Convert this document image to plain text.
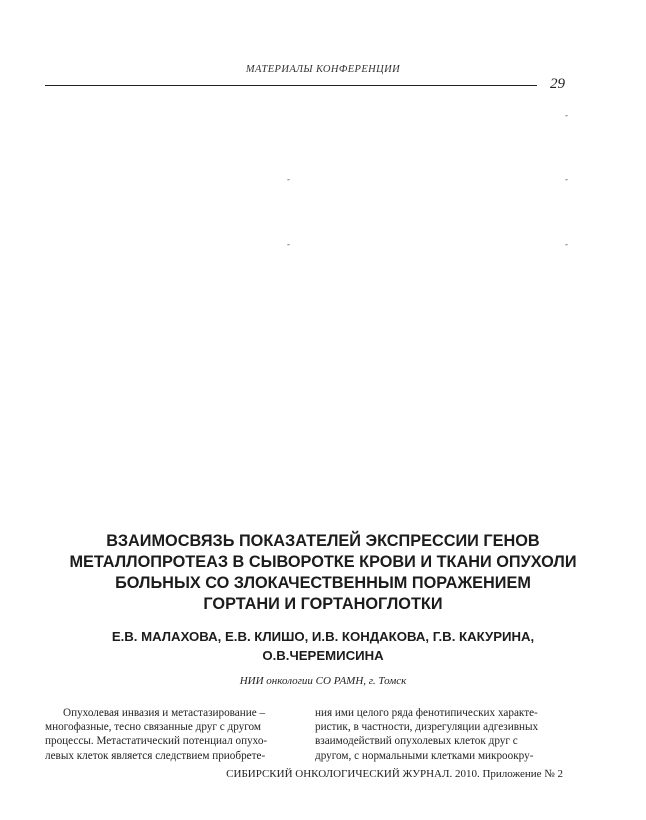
МАТЕРИАЛЫ КОНФЕРЕНЦИИ
29
-
-	-
-	-
ВЗАИМОСВЯЗЬ ПОКАЗАТЕЛЕЙ ЭКСПРЕССИИ ГЕНОВ
МЕТАЛЛОПРОТЕАЗ В СЫВОРОТКЕ КРОВИ И ТКАНИ ОПУХОЛИ
БОЛЬНЫХ СО ЗЛОКАЧЕСТВЕННЫМ ПОРАЖЕНИЕМ
ГОРТАНИ И ГОРТАНОГЛОТКИ
Е.В. МАЛАХОВА, Е.В. КЛИШО, И.В. КОНДАКОВА, Г.В. КАКУРИНА,
О.В.ЧЕРЕМИСИНА
НИИ онкологии СО РАМН, г. Томск
Опухолевая инвазия и метастазирование –
многофазные, тесно связанные друг с другом
процессы. Метастатический потенциал опухо-
левых клеток является следствием приобрете-
ния ими целого ряда фенотипических характе-
ристик, в частности, дизрегуляции адгезивных
взаимодействий опухолевых клеток друг с
другом, с нормальными клетками микроокру-
СИБИРСКИЙ ОНКОЛОГИЧЕСКИЙ ЖУРНАЛ. 2010. Приложение № 2
